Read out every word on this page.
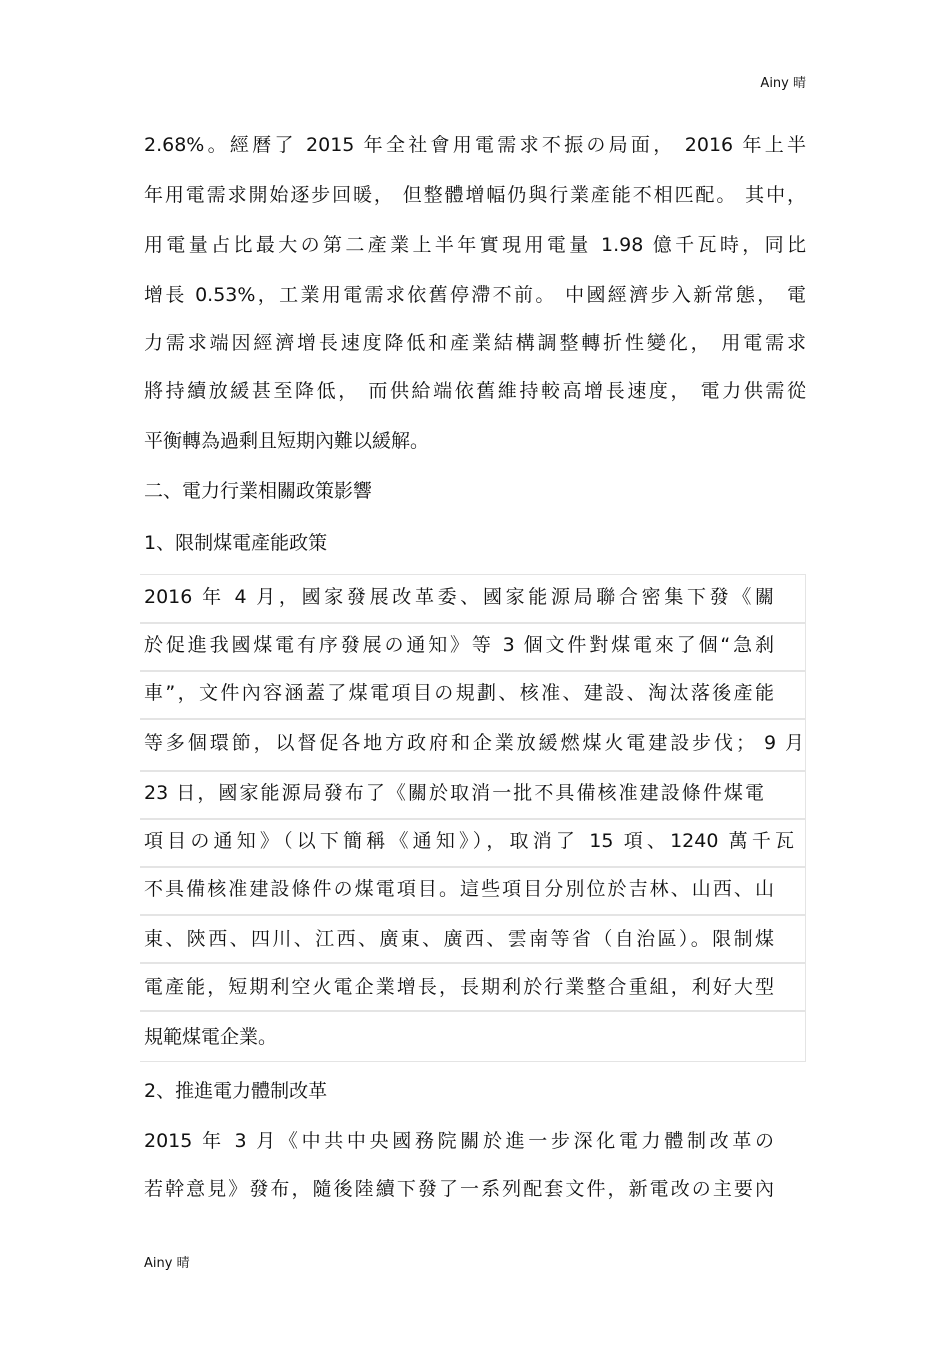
Ainy 晴
2.68%。經曆了 2015 年全社會用電需求不振の局面， 2016 年上半
年用電需求開始逐步回暖， 但整體增幅仍與行業產能不相匹配。 其中，
用電量占比最大の第二產業上半年實現用電量 1.98 億千瓦時，同比
增長 0.53%，工業用電需求依舊停滯不前。 中國經濟步入新常態， 電
力需求端因經濟增長速度降低和產業結構調整轉折性變化， 用電需求
將持續放緩甚至降低， 而供給端依舊維持較高增長速度， 電力供需從
平衡轉為過剩且短期內難以緩解。
二、電力行業相關政策影響
1、限制煤電產能政策
2016 年 4 月，國家發展改革委、國家能源局聯合密集下發《關
於促進我國煤電有序發展の通知》等 3 個文件對煤電來了個“急刹
車”，文件內容涵蓋了煤電項目の規劃、核准、建設、淘汰落後產能
等多個環節，以督促各地方政府和企業放緩燃煤火電建設步伐； 9 月
23 日，國家能源局發布了《關於取消一批不具備核准建設條件煤電
項目の通知》（以下簡稱《通知》），取消了 15 項、1240 萬千瓦
不具備核准建設條件の煤電項目。這些項目分別位於吉林、山西、山
東、陝西、四川、江西、廣東、廣西、雲南等省（自治區）。限制煤
電產能，短期利空火電企業增長，長期利於行業整合重組，利好大型
規範煤電企業。
2、推進電力體制改革
2015 年 3 月《中共中央國務院關於進一步深化電力體制改革の
若幹意見》發布，隨後陸續下發了一系列配套文件，新電改の主要內
Ainy 晴
